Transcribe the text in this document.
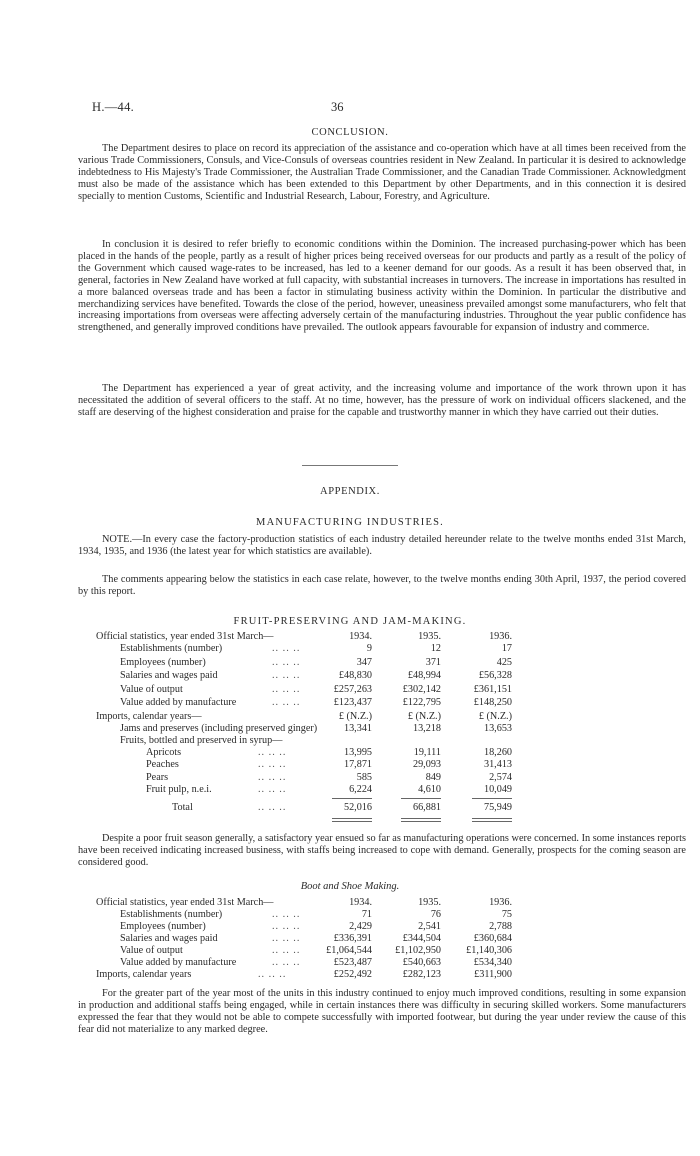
H.—44.	36
CONCLUSION.

The Department desires to place on record its appreciation of the assistance and co-operation which have at all times been received from the various Trade Commissioners, Consuls, and Vice-Consuls of overseas countries resident in New Zealand. In particular it is desired to acknowledge indebtedness to His Majesty's Trade Commissioner, the Australian Trade Commissioner, and the Canadian Trade Commissioner. Acknowledgment must also be made of the assistance which has been extended to this Department by other Departments, and in this connection it is desired specially to mention Customs, Scientific and Industrial Research, Labour, Forestry, and Agriculture.

In conclusion it is desired to refer briefly to economic conditions within the Dominion. The increased purchasing-power which has been placed in the hands of the people, partly as a result of higher prices being received overseas for our products and partly as a result of the policy of the Government which caused wage-rates to be increased, has led to a keener demand for our goods. As a result it has been observed that, in general, factories in New Zealand have worked at full capacity, with substantial increases in turnovers. The increase in importations has resulted in a more balanced overseas trade and has been a factor in stimulating business activity within the Dominion. In particular the distributive and merchandizing services have benefited. Towards the close of the period, however, uneasiness prevailed amongst some manufacturers, who felt that increasing importations from overseas were affecting adversely certain of the manufacturing industries. Throughout the year public confidence has strengthened, and generally improved conditions have prevailed. The outlook appears favourable for expansion of industry and commerce.

The Department has experienced a year of great activity, and the increasing volume and importance of the work thrown upon it has necessitated the addition of several officers to the staff. At no time, however, has the pressure of work on individual officers slackened, and the staff are deserving of the highest consideration and praise for the capable and trustworthy manner in which they have carried out their duties.

APPENDIX.
MANUFACTURING INDUSTRIES.

NOTE.—In every case the factory-production statistics of each industry detailed hereunder relate to the twelve months ended 31st March, 1934, 1935, and 1936 (the latest year for which statistics are available).

The comments appearing below the statistics in each case relate, however, to the twelve months ending 30th April, 1937, the period covered by this report.

FRUIT-PRESERVING AND JAM-MAKING.
Official statistics, year ended 31st March—	1934.	1935.	1936.
Establishments (number)	.. .. ..	9	12	17
Employees (number)	.. .. ..	347	371	425
Salaries and wages paid	.. .. ..	£48,830	£48,994	£56,328
Value of output	.. .. ..	£257,263	£302,142	£361,151
Value added by manufacture	.. .. ..	£123,437	£122,795	£148,250
Imports, calendar years—	£ (N.Z.)	£ (N.Z.)	£ (N.Z.)
Jams and preserves (including preserved ginger)	13,341	13,218	13,653
Fruits, bottled and preserved in syrup—
Apricots	.. .. ..	13,995	19,111	18,260
Peaches	.. .. ..	17,871	29,093	31,413
Pears	.. .. ..	585	849	2,574
Fruit pulp, n.e.i.	.. .. ..	6,224	4,610	10,049
Total	.. .. ..	52,016	66,881	75,949

Despite a poor fruit season generally, a satisfactory year ensued so far as manufacturing operations were concerned. In some instances reports have been received indicating increased business, with staffs being increased to cope with demand. Generally, prospects for the coming season are considered good.

Boot and Shoe Making.
Official statistics, year ended 31st March—	1934.	1935.	1936.
Establishments (number)	.. .. ..	71	76	75
Employees (number)	.. .. ..	2,429	2,541	2,788
Salaries and wages paid	.. .. ..	£336,391	£344,504	£360,684
Value of output	.. .. ..	£1,064,544 £1,102,950 £1,140,306
Value added by manufacture	.. .. ..	£523,487	£540,663	£534,340
Imports, calendar years	.. .. ..	£252,492	£282,123	£311,900

For the greater part of the year most of the units in this industry continued to enjoy much improved conditions, resulting in some expansion in production and additional staffs being engaged, while in certain instances there was difficulty in securing skilled workers. Some manufacturers expressed the fear that they would not be able to compete successfully with imported footwear, but during the year under review the cause of this fear did not materialize to any marked degree.
